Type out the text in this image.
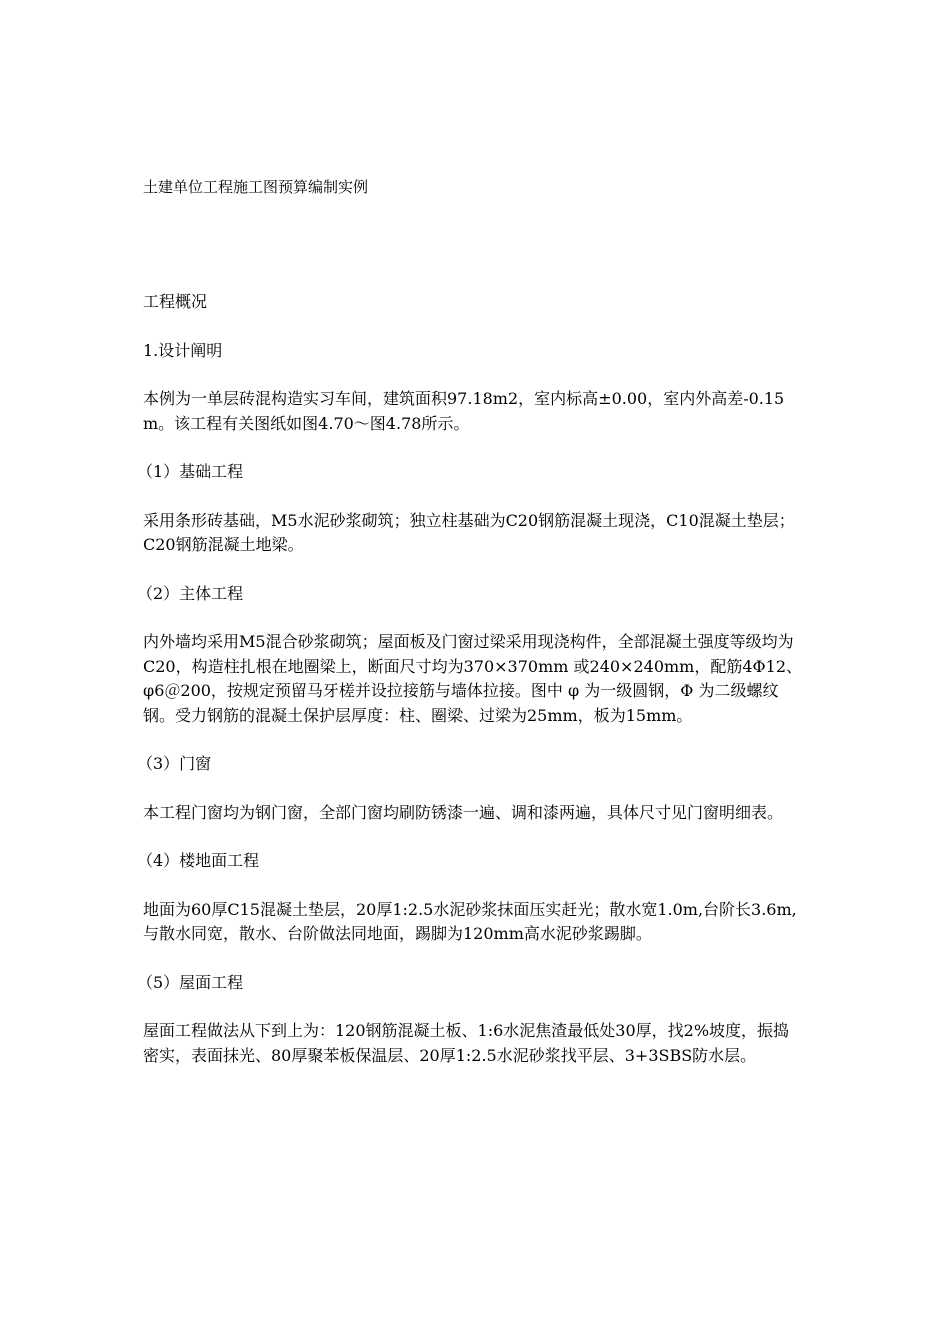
土建单位工程施工图预算编制实例

工程概况

1.设计阐明

本例为一单层砖混构造实习车间，建筑面积97.18m2，室内标高±0.00，室内外高差-0.15m。该工程有关图纸如图4.70～图4.78所示。

（1）基础工程

采用条形砖基础，M5水泥砂浆砌筑；独立柱基础为C20钢筋混凝土现浇，C10混凝土垫层；C20钢筋混凝土地梁。

（2）主体工程

内外墙均采用M5混合砂浆砌筑；屋面板及门窗过梁采用现浇构件，全部混凝土强度等级均为C20，构造柱扎根在地圈梁上，断面尺寸均为370×370mm 或240×240mm，配筋4Φ12、φ6＠200，按规定预留马牙槎并设拉接筋与墙体拉接。图中 φ 为一级圆钢，Φ 为二级螺纹钢。受力钢筋的混凝土保护层厚度：柱、圈梁、过梁为25mm，板为15mm。

（3）门窗

本工程门窗均为钢门窗，全部门窗均刷防锈漆一遍、调和漆两遍，具体尺寸见门窗明细表。

（4）楼地面工程

地面为60厚C15混凝土垫层，20厚1:2.5水泥砂浆抹面压实赶光；散水宽1.0m,台阶长3.6m,与散水同宽，散水、台阶做法同地面，踢脚为120mm高水泥砂浆踢脚。

（5）屋面工程

屋面工程做法从下到上为：120钢筋混凝土板、1:6水泥焦渣最低处30厚，找2%坡度，振捣密实，表面抹光、80厚聚苯板保温层、20厚1:2.5水泥砂浆找平层、3+3SBS防水层。
